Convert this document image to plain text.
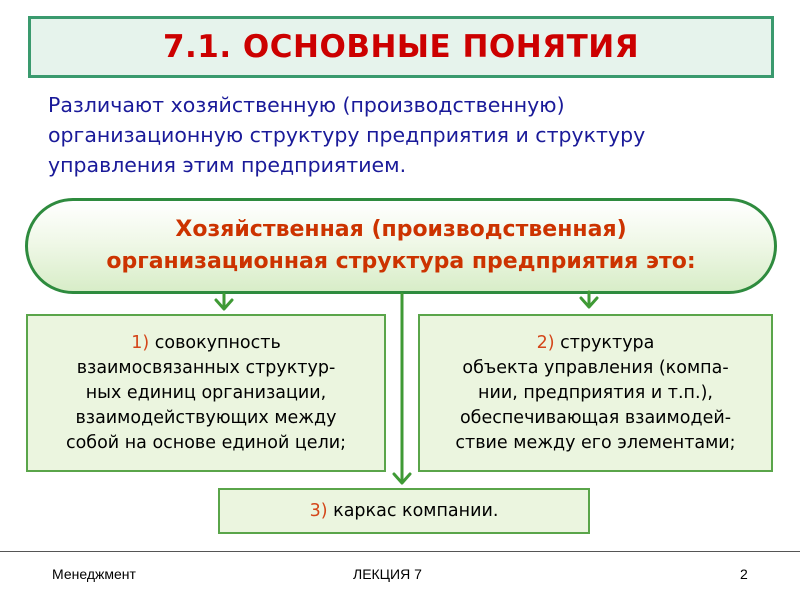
7.1. ОСНОВНЫЕ ПОНЯТИЯ
Различают хозяйственную (производственную)
организационную структуру предприятия и структуру
управления этим предприятием.
Хозяйственная (производственная)
организационная структура предприятия это:
1) совокупность
взаимосвязанных структур-
ных единиц организации,
взаимодействующих между
собой на основе единой цели;
2) структура
объекта управления (компа-
нии, предприятия и т.п.),
обеспечивающая взаимодей-
ствие между его элементами;
3) каркас компании.
Менеджмент	ЛЕКЦИЯ 7	2
